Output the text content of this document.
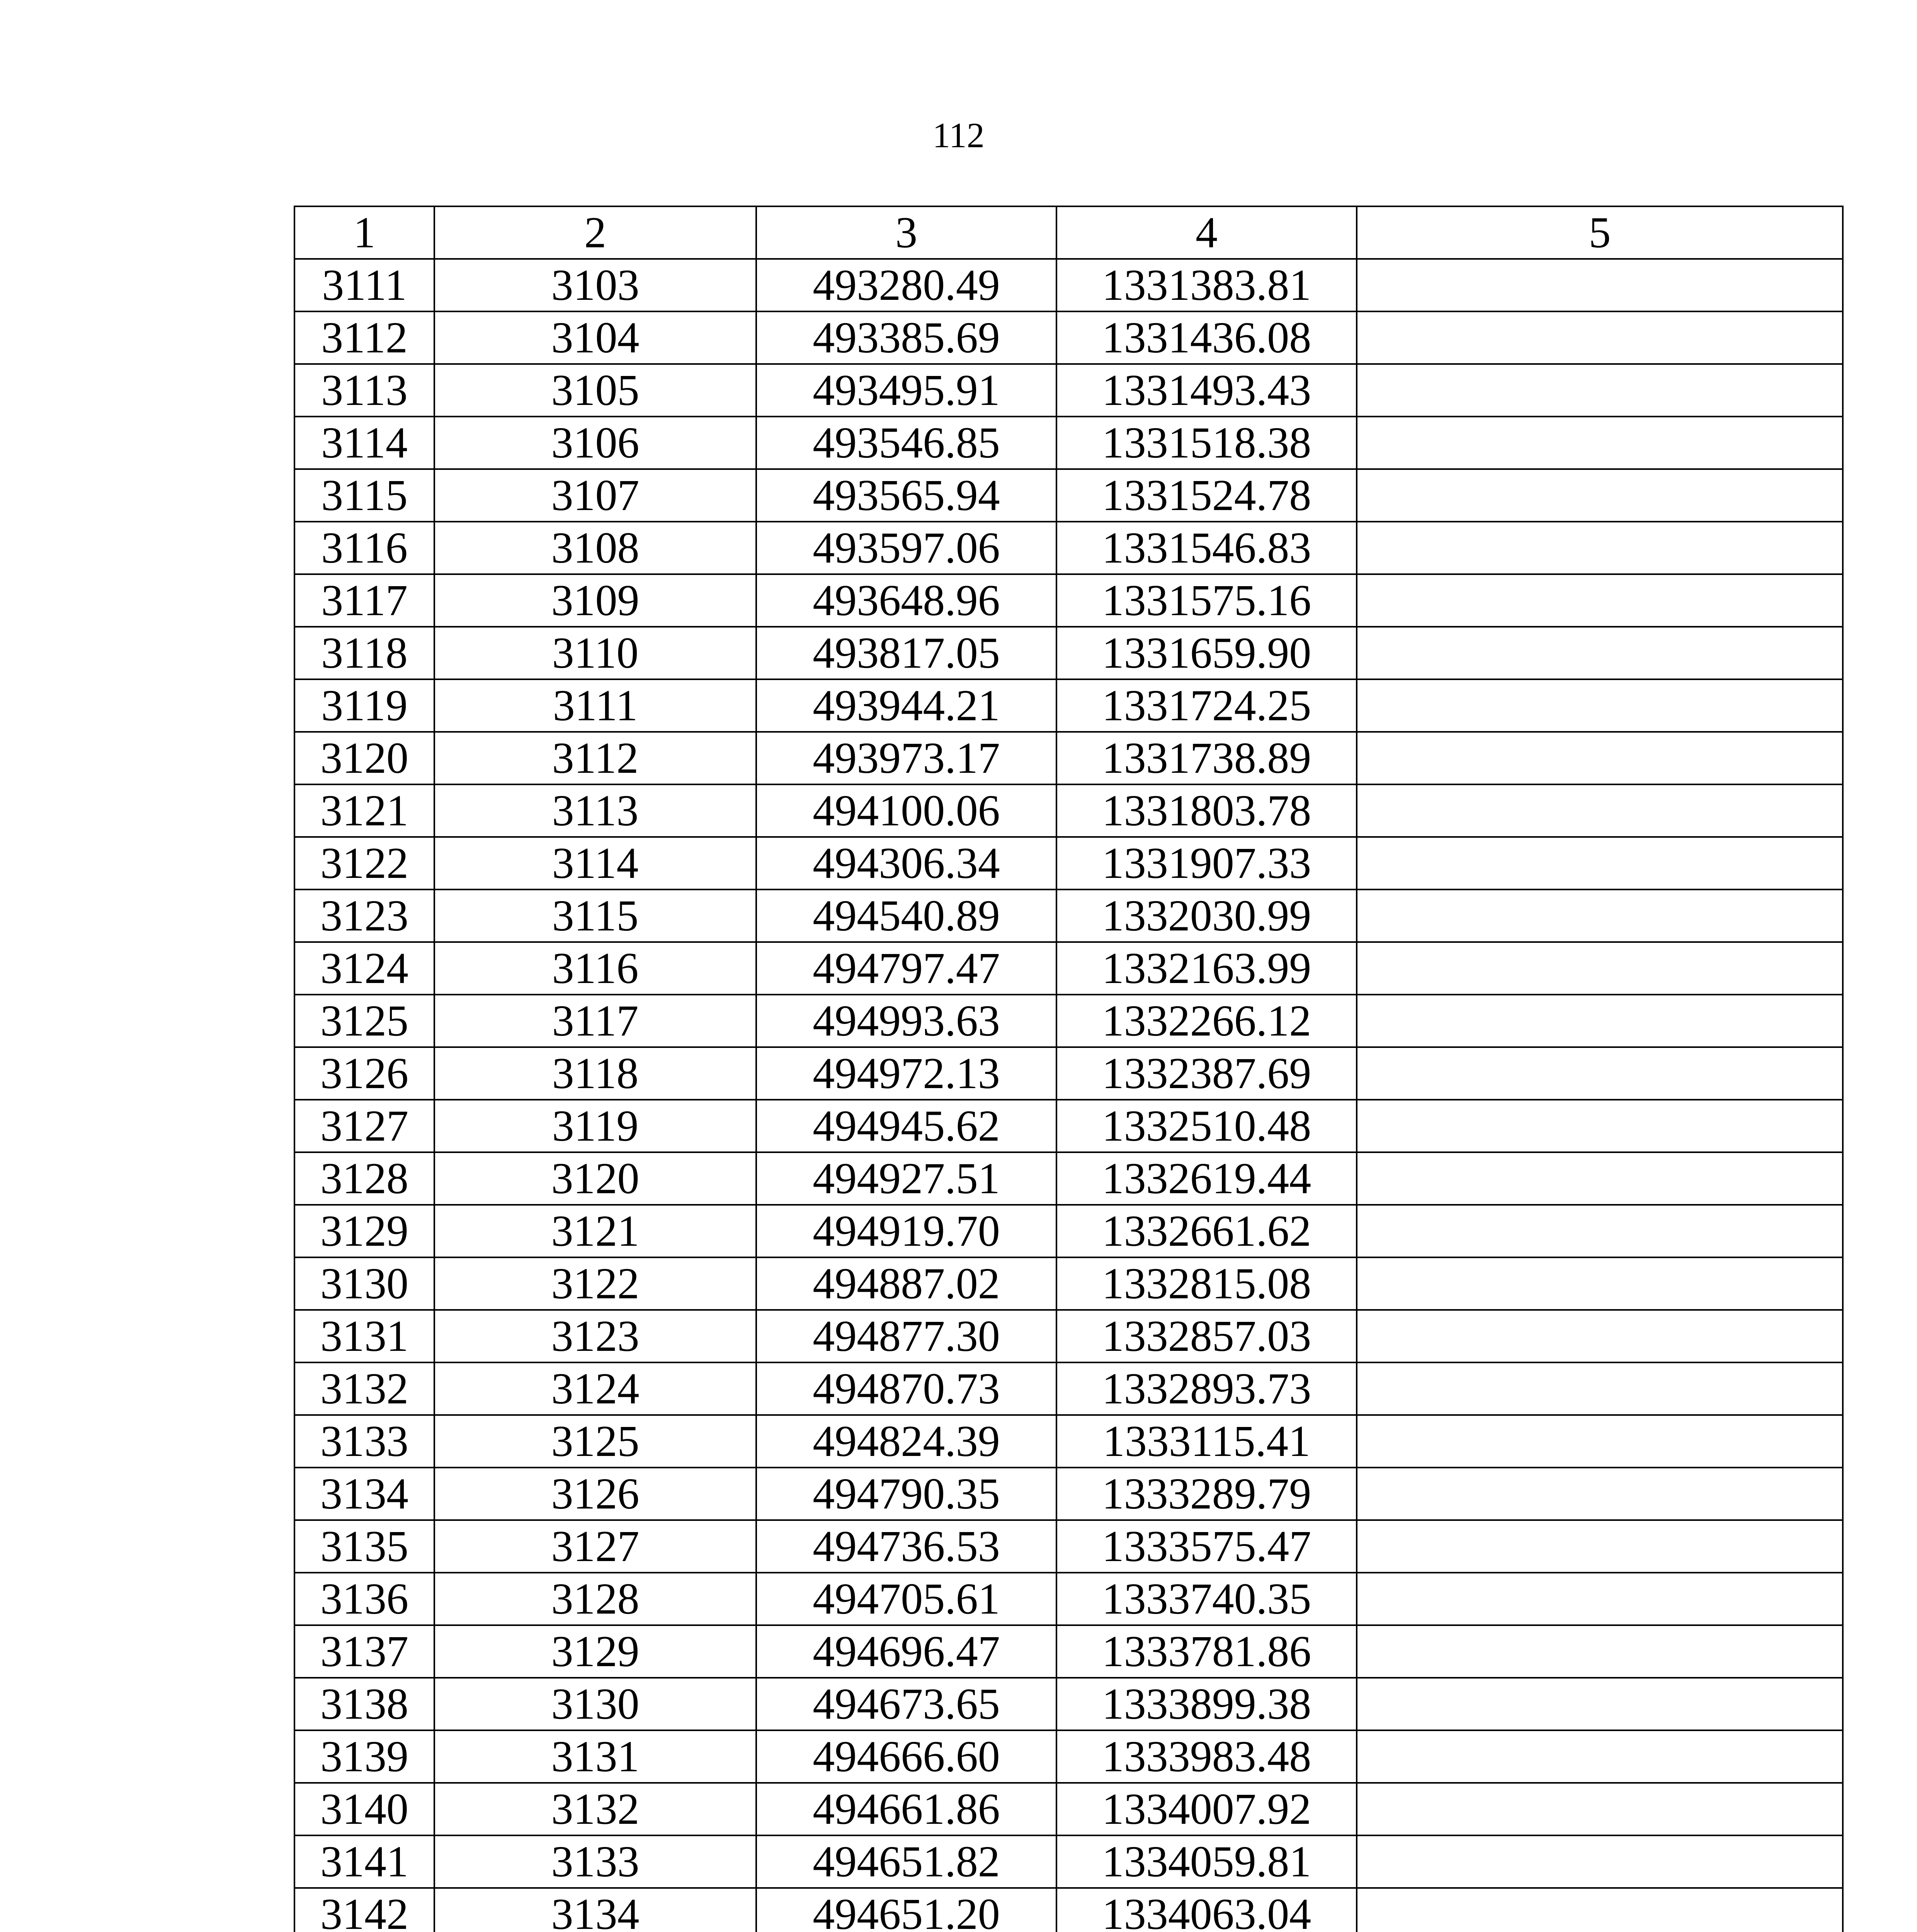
112
1	2	3	4	5
3111	3103	493280.49	1331383.81	
3112	3104	493385.69	1331436.08	
3113	3105	493495.91	1331493.43	
3114	3106	493546.85	1331518.38	
3115	3107	493565.94	1331524.78	
3116	3108	493597.06	1331546.83	
3117	3109	493648.96	1331575.16	
3118	3110	493817.05	1331659.90	
3119	3111	493944.21	1331724.25	
3120	3112	493973.17	1331738.89	
3121	3113	494100.06	1331803.78	
3122	3114	494306.34	1331907.33	
3123	3115	494540.89	1332030.99	
3124	3116	494797.47	1332163.99	
3125	3117	494993.63	1332266.12	
3126	3118	494972.13	1332387.69	
3127	3119	494945.62	1332510.48	
3128	3120	494927.51	1332619.44	
3129	3121	494919.70	1332661.62	
3130	3122	494887.02	1332815.08	
3131	3123	494877.30	1332857.03	
3132	3124	494870.73	1332893.73	
3133	3125	494824.39	1333115.41	
3134	3126	494790.35	1333289.79	
3135	3127	494736.53	1333575.47	
3136	3128	494705.61	1333740.35	
3137	3129	494696.47	1333781.86	
3138	3130	494673.65	1333899.38	
3139	3131	494666.60	1333983.48	
3140	3132	494661.86	1334007.92	
3141	3133	494651.82	1334059.81	
3142	3134	494651.20	1334063.04	
